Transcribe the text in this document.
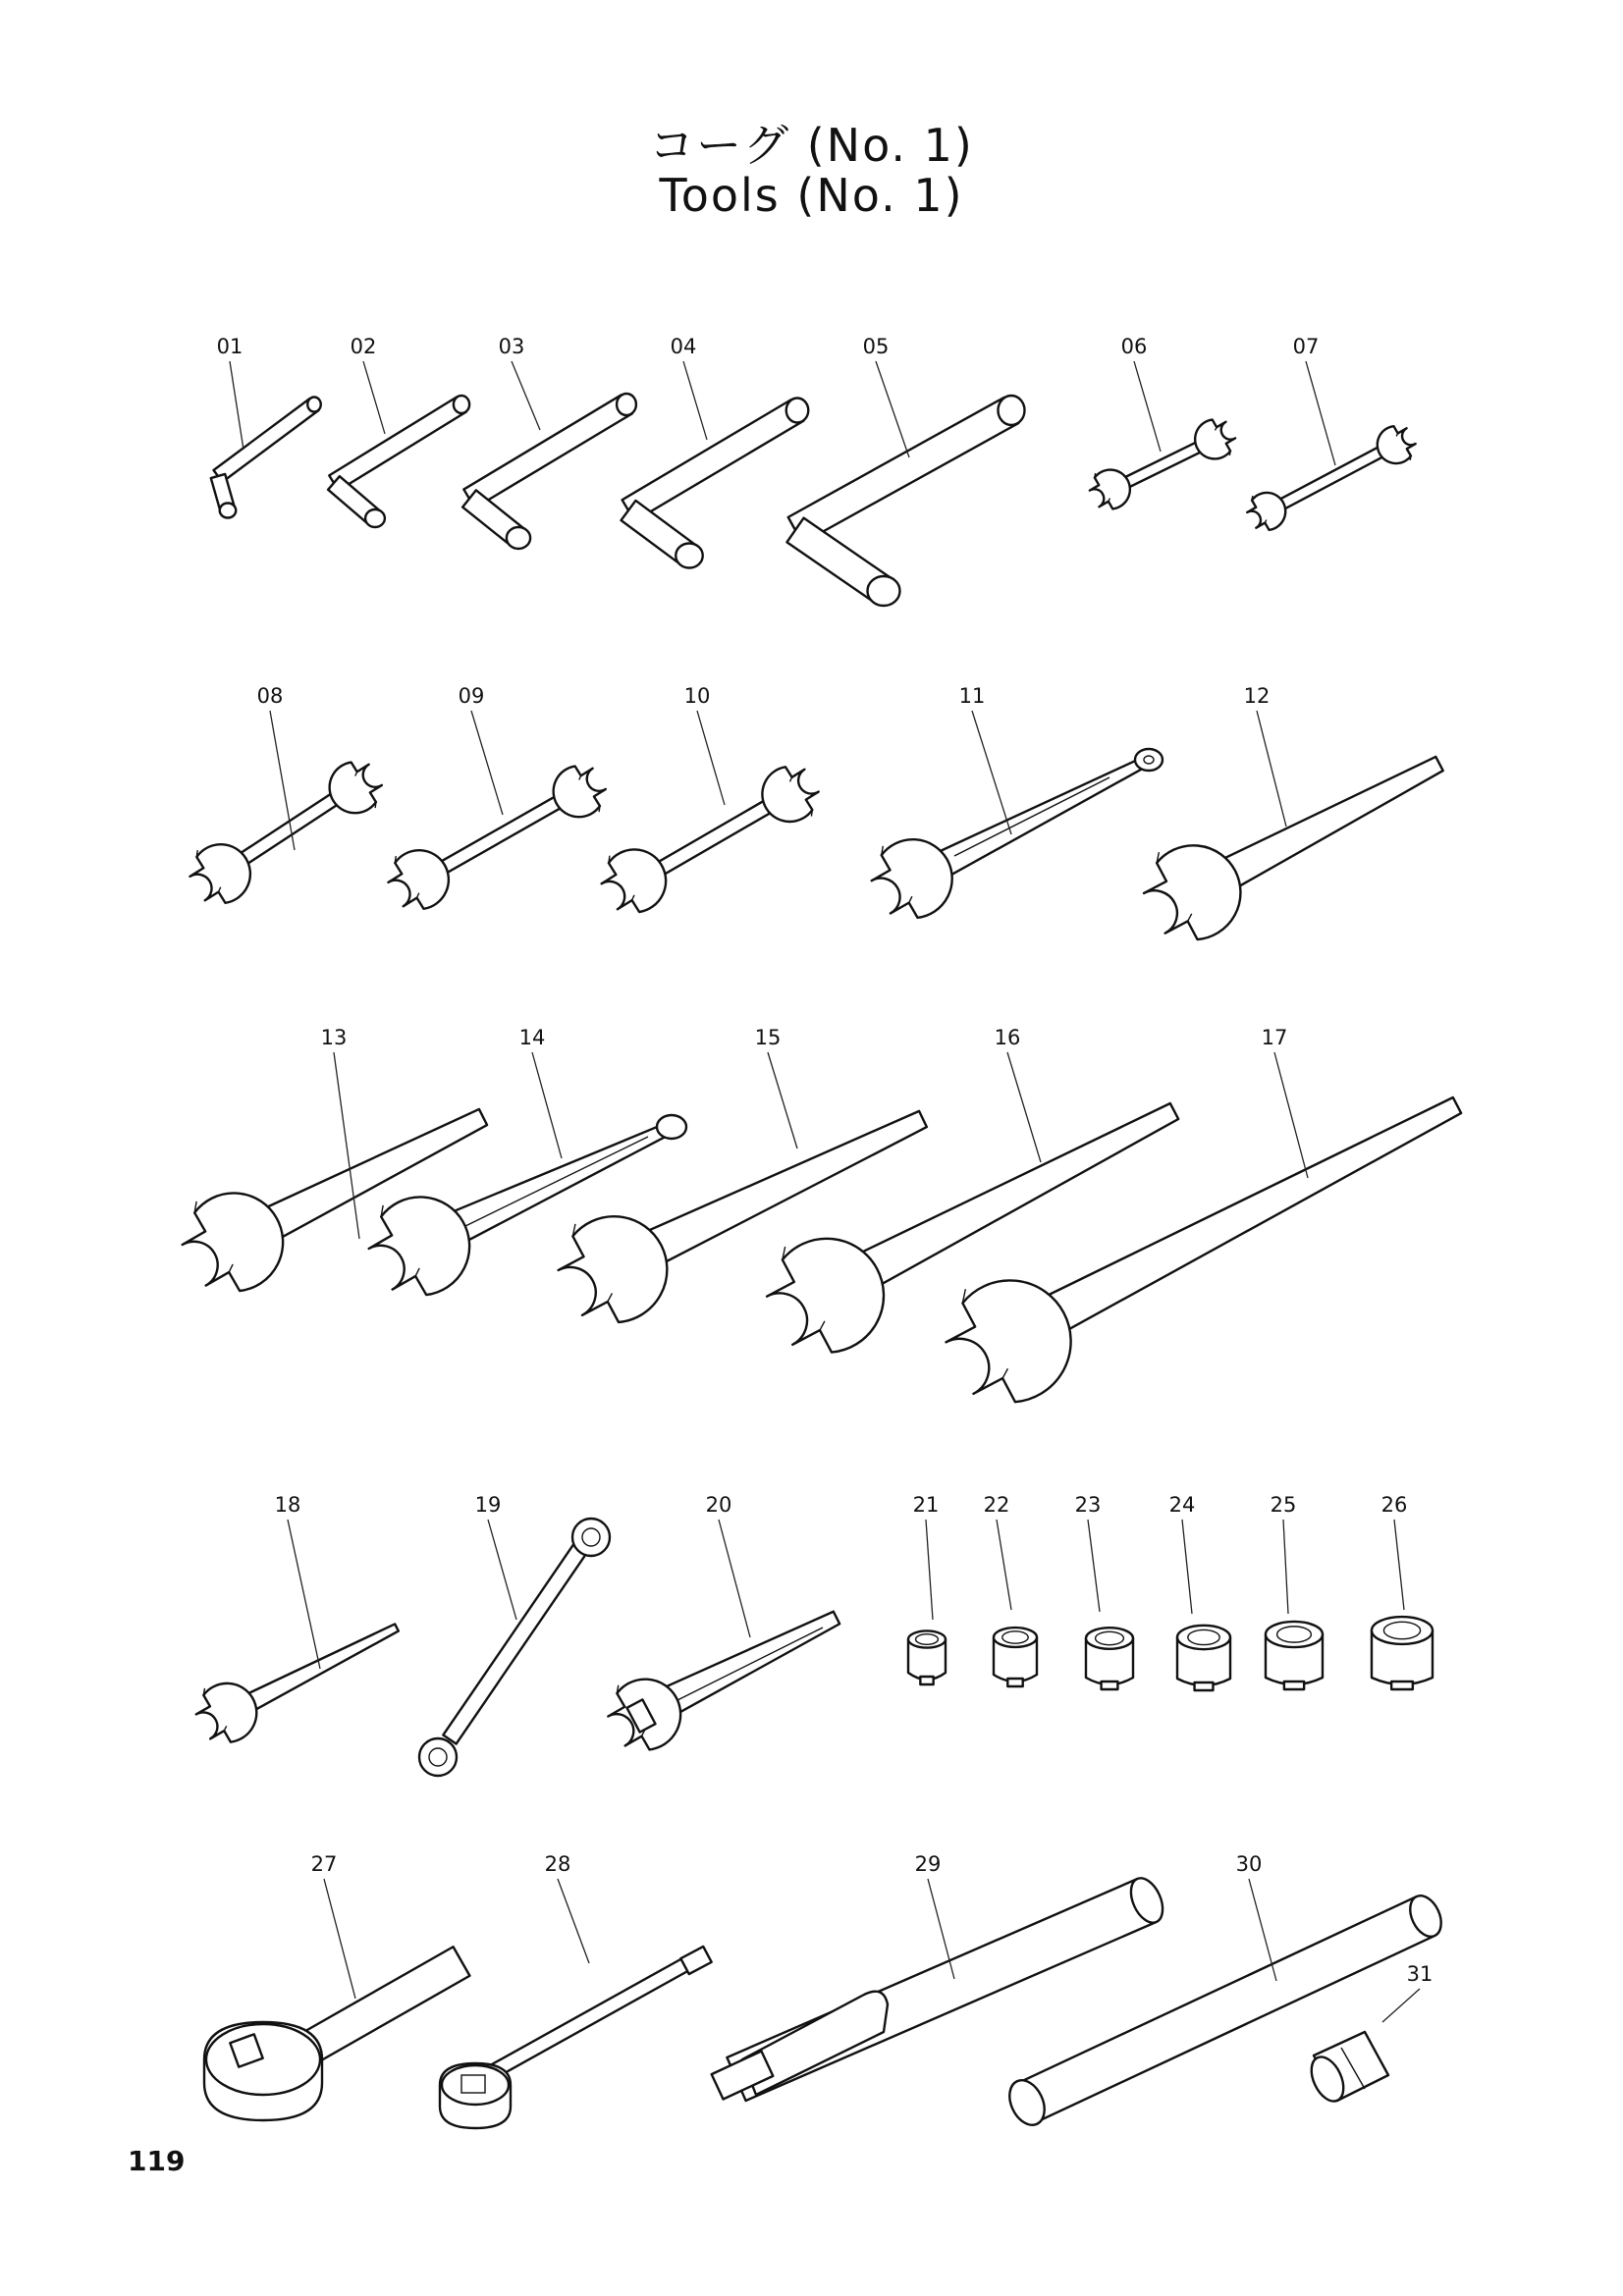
コーグ (No. 1)
Tools (No. 1)
01	02	03	04	05	06	07
08	09	10	11	12
13	14	15	16	17
18	19	20	21 22	23	24	25	26
27	28	29	30
31
119
